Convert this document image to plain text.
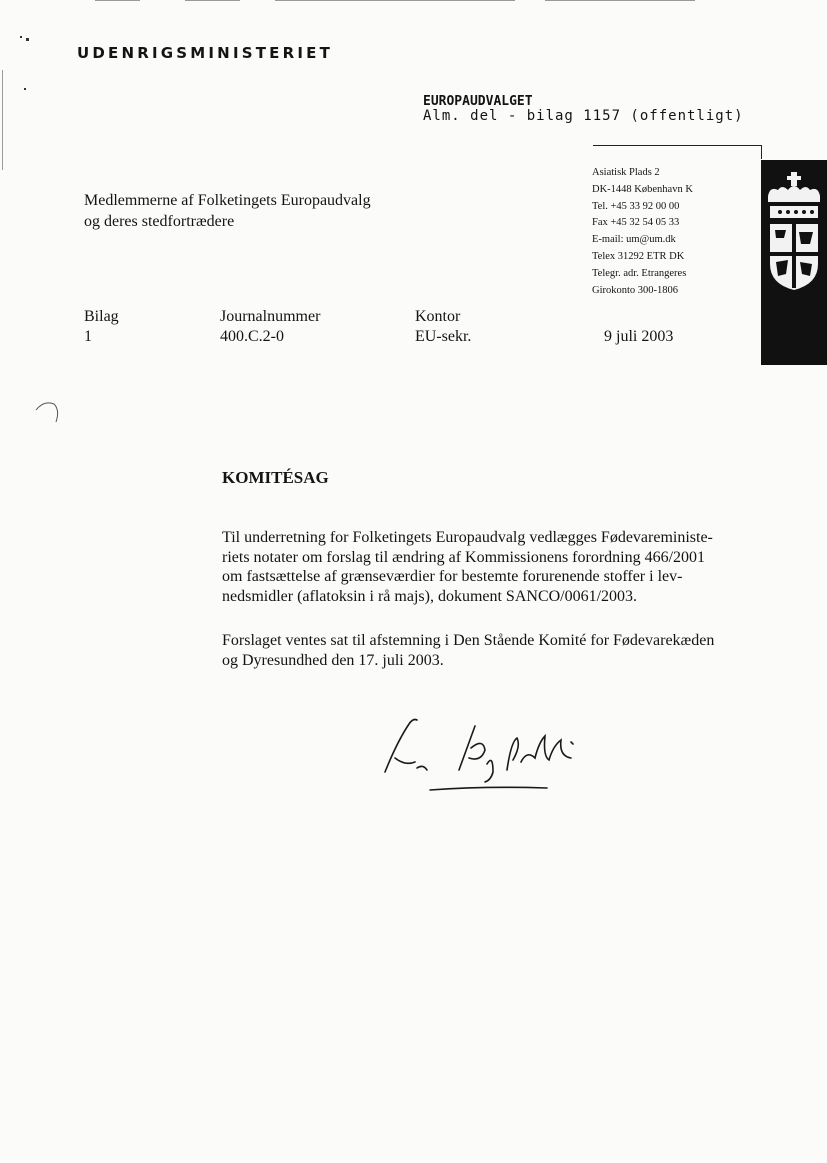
UDENRIGSMINISTERIET
EUROPAUDVALGET
Alm. del - bilag 1157 (offentligt)
Asiatisk Plads 2
DK-1448 København K
Tel. +45 33 92 00 00
Fax +45 32 54 05 33
E-mail: um@um.dk
Telex 31292 ETR DK
Telegr. adr. Etrangeres
Girokonto 300-1806
Medlemmerne af Folketingets Europaudvalg
og deres stedfortrædere
Bilag
1
Journalnummer
400.C.2-0
Kontor
EU-sekr.	9 juli 2003
KOMITÉSAG
Til underretning for Folketingets Europaudvalg vedlægges Fødevareministe-
riets notater om forslag til ændring af Kommissionens forordning 466/2001
om fastsættelse af grænseværdier for bestemte forurenende stoffer i lev-
nedsmidler (aflatoksin i rå majs), dokument SANCO/0061/2003.
Forslaget ventes sat til afstemning i Den Stående Komité for Fødevarekæden
og Dyresundhed den 17. juli 2003.
